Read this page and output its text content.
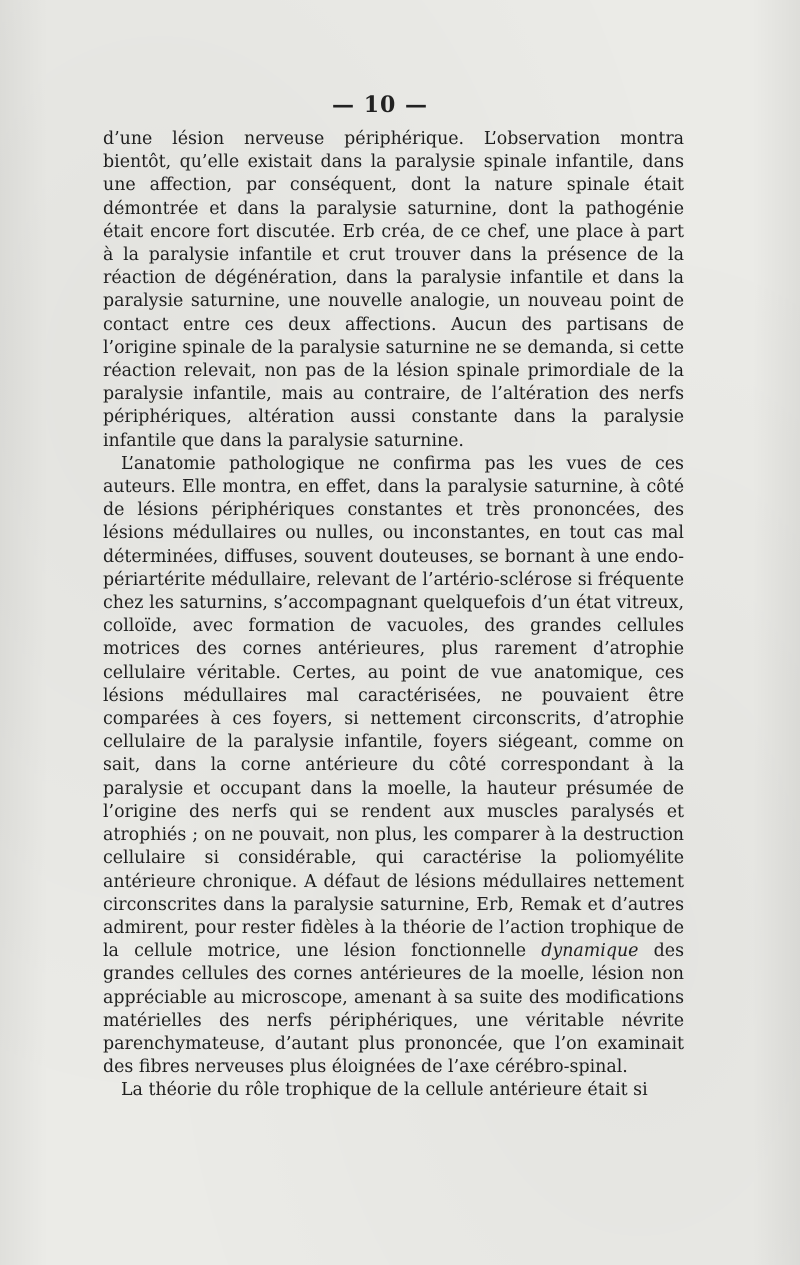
— 10 —

d’une lésion nerveuse périphérique. L’observation montra bientôt, qu’elle existait dans la paralysie spinale infantile, dans une affection, par conséquent, dont la nature spinale était démontrée et dans la paralysie saturnine, dont la pathogénie était encore fort discutée. Erb créa, de ce chef, une place à part à la paralysie infantile et crut trouver dans la présence de la réaction de dégénération, dans la paralysie infantile et dans la paralysie saturnine, une nouvelle analogie, un nouveau point de contact entre ces deux affections. Aucun des partisans de l’origine spinale de la paralysie saturnine ne se demanda, si cette réaction relevait, non pas de la lésion spinale primordiale de la paralysie infantile, mais au contraire, de l’altération des nerfs périphériques, altération aussi constante dans la paralysie infantile que dans la paralysie saturnine.

L’anatomie pathologique ne confirma pas les vues de ces auteurs. Elle montra, en effet, dans la paralysie saturnine, à côté de lésions périphériques constantes et très prononcées, des lésions médullaires ou nulles, ou inconstantes, en tout cas mal déterminées, diffuses, souvent douteuses, se bornant à une endo-périartérite médullaire, relevant de l’artério-sclérose si fréquente chez les saturnins, s’accompagnant quelquefois d’un état vitreux, colloïde, avec formation de vacuoles, des grandes cellules motrices des cornes antérieures, plus rarement d’atrophie cellulaire véritable. Certes, au point de vue anatomique, ces lésions médullaires mal caractérisées, ne pouvaient être comparées à ces foyers, si nettement circonscrits, d’atrophie cellulaire de la paralysie infantile, foyers siégeant, comme on sait, dans la corne antérieure du côté correspondant à la paralysie et occupant dans la moelle, la hauteur présumée de l’origine des nerfs qui se rendent aux muscles paralysés et atrophiés ; on ne pouvait, non plus, les comparer à la destruction cellulaire si considérable, qui caractérise la poliomyélite antérieure chronique. A défaut de lésions médullaires nettement circonscrites dans la paralysie saturnine, Erb, Remak et d’autres admirent, pour rester fidèles à la théorie de l’action trophique de la cellule motrice, une lésion fonctionnelle dynamique des grandes cellules des cornes antérieures de la moelle, lésion non appréciable au microscope, amenant à sa suite des modifications matérielles des nerfs périphériques, une véritable névrite parenchymateuse, d’autant plus prononcée, que l’on examinait des fibres nerveuses plus éloignées de l’axe cérébro-spinal.

La théorie du rôle trophique de la cellule antérieure était si
